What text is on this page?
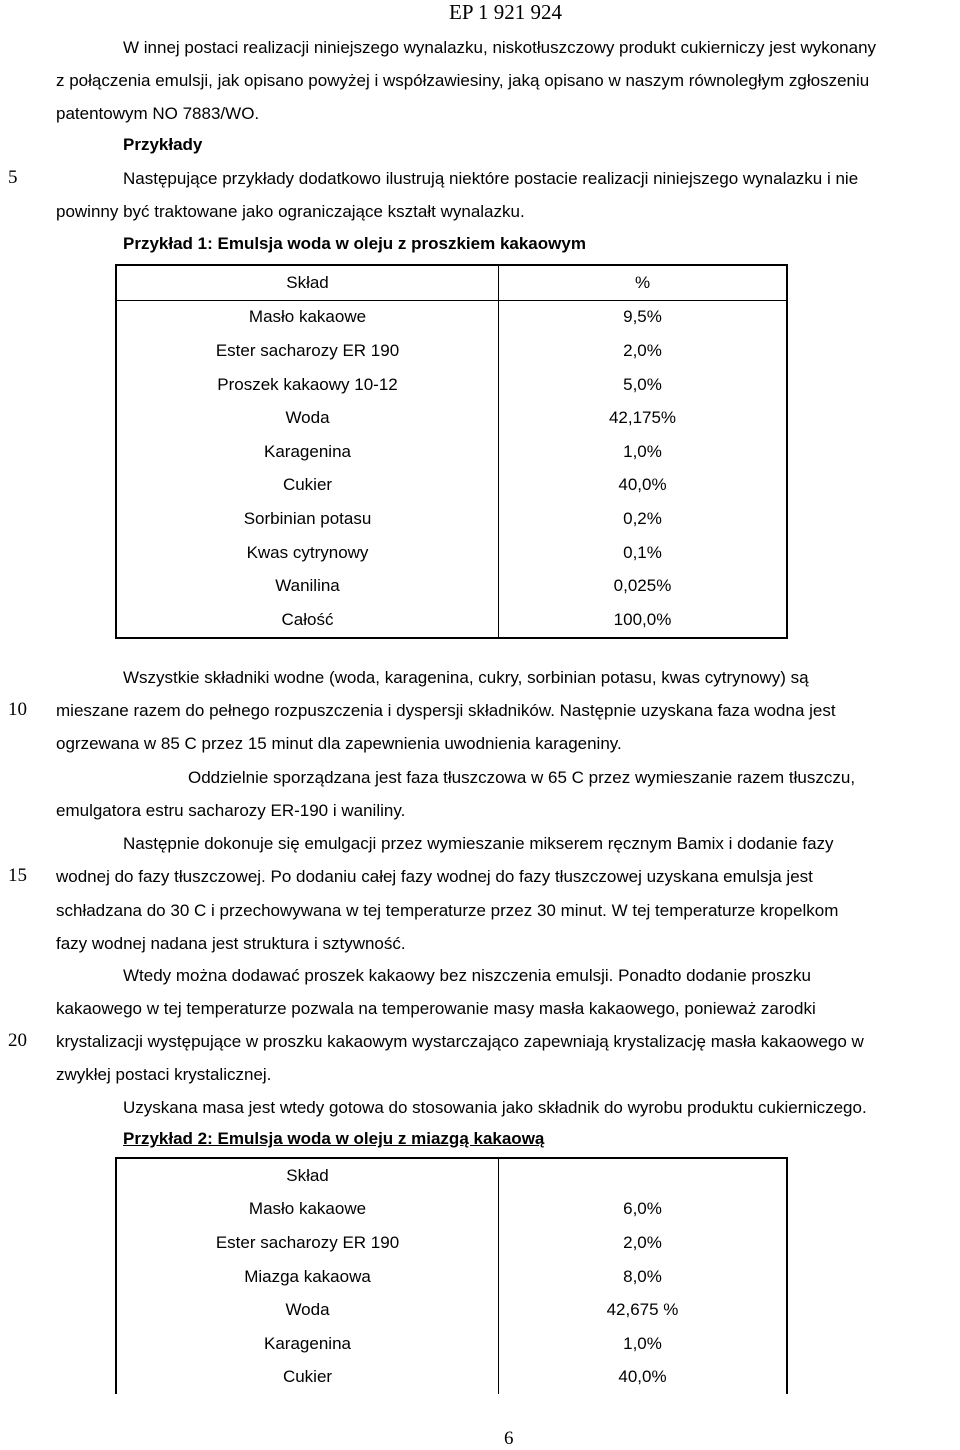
EP 1 921 924
5
10
15
20
W innej postaci realizacji niniejszego wynalazku, niskotłuszczowy produkt cukierniczy jest wykonany
z połączenia emulsji, jak opisano powyżej i współzawiesiny, jaką opisano w naszym równoległym zgłoszeniu
patentowym NO 7883/WO.
Przykłady
Następujące przykłady dodatkowo ilustrują niektóre postacie realizacji niniejszego wynalazku i nie
powinny być traktowane jako ograniczające kształt wynalazku.
Przykład 1: Emulsja woda w oleju z proszkiem kakaowym
Skład	%
Masło kakaowe	9,5%
Ester sacharozy ER 190	2,0%
Proszek kakaowy 10-12	5,0%
Woda	42,175%
Karagenina	1,0%
Cukier	40,0%
Sorbinian potasu	0,2%
Kwas cytrynowy	0,1%
Wanilina	0,025%
Całość	100,0%
Wszystkie składniki wodne (woda, karagenina, cukry, sorbinian potasu, kwas cytrynowy) są
mieszane razem do pełnego rozpuszczenia i dyspersji składników. Następnie uzyskana faza wodna jest
ogrzewana w 85 C przez 15 minut dla zapewnienia uwodnienia karageniny.
Oddzielnie sporządzana jest faza tłuszczowa w 65 C przez wymieszanie razem tłuszczu,
emulgatora estru sacharozy ER-190 i waniliny.
Następnie dokonuje się emulgacji przez wymieszanie mikserem ręcznym Bamix i dodanie fazy
wodnej do fazy tłuszczowej. Po dodaniu całej fazy wodnej do fazy tłuszczowej uzyskana emulsja jest
schładzana do 30 C i przechowywana w tej temperaturze przez 30 minut. W tej temperaturze kropelkom
fazy wodnej nadana jest struktura i sztywność.
Wtedy można dodawać proszek kakaowy bez niszczenia emulsji. Ponadto dodanie proszku
kakaowego w tej temperaturze pozwala na temperowanie masy masła kakaowego, ponieważ zarodki
krystalizacji występujące w proszku kakaowym wystarczająco zapewniają krystalizację masła kakaowego w
zwykłej postaci krystalicznej.
Uzyskana masa jest wtedy gotowa do stosowania jako składnik do wyrobu produktu cukierniczego.
Przykład 2: Emulsja woda w oleju z miazgą kakaową
Skład	
Masło kakaowe	6,0%
Ester sacharozy ER 190	2,0%
Miazga kakaowa	8,0%
Woda	42,675 %
Karagenina	1,0%
Cukier	40,0%
6
